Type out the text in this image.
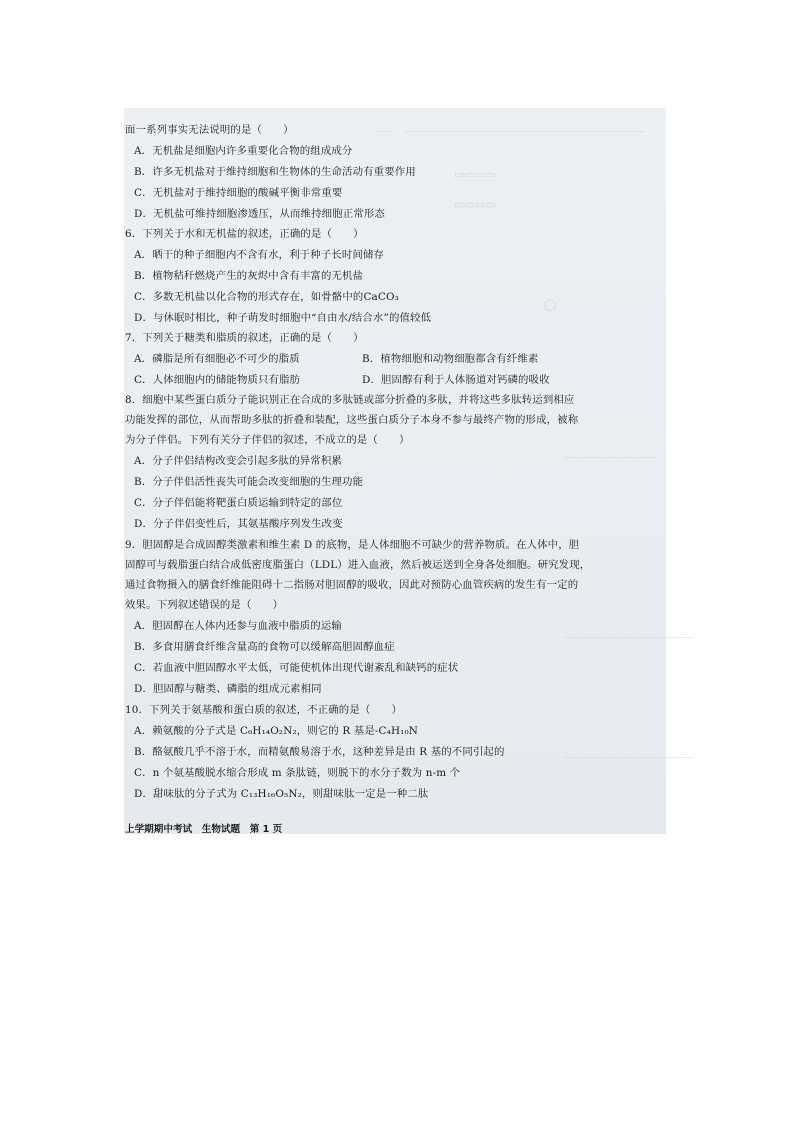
⸺　⸺⸺⸺⸺⸺⸺⸺⸺⸺⸺⸺⸺⸺
▭▭▭▭
▭▭▭▭
◯
⸺⸺⸺⸺⸺
⸺⸺⸺⸺⸺⸺⸺
⸺⸺⸺⸺⸺⸺⸺
面一系列事实无法说明的是（　　）
A．无机盐是细胞内许多重要化合物的组成成分
B．许多无机盐对于维持细胞和生物体的生命活动有重要作用
C．无机盐对于维持细胞的酸碱平衡非常重要
D．无机盐可维持细胞渗透压，从而维持细胞正常形态
6．下列关于水和无机盐的叙述，正确的是（　　）
A．晒干的种子细胞内不含有水，利于种子长时间储存
B．植物秸秆燃烧产生的灰烬中含有丰富的无机盐
C．多数无机盐以化合物的形式存在，如骨骼中的CaCO₃
D．与休眠时相比，种子萌发时细胞中“自由水/结合水”的值较低
7．下列关于糖类和脂质的叙述，正确的是（　　）
A．磷脂是所有细胞必不可少的脂质	B．植物细胞和动物细胞都含有纤维素
C．人体细胞内的储能物质只有脂肪	D．胆固醇有利于人体肠道对钙磷的吸收
8．细胞中某些蛋白质分子能识别正在合成的多肽链或部分折叠的多肽，并将这些多肽转运到相应
功能发挥的部位，从而帮助多肽的折叠和装配，这些蛋白质分子本身不参与最终产物的形成，被称
为分子伴侣。下列有关分子伴侣的叙述，不成立的是（　　）
A．分子伴侣结构改变会引起多肽的异常积累
B．分子伴侣活性丧失可能会改变细胞的生理功能
C．分子伴侣能将靶蛋白质运输到特定的部位
D．分子伴侣变性后，其氨基酸序列发生改变
9．胆固醇是合成固醇类激素和维生素 D 的底物，是人体细胞不可缺少的营养物质。在人体中，胆
固醇可与载脂蛋白结合成低密度脂蛋白（LDL）进入血液，然后被运送到全身各处细胞。研究发现，
通过食物摄入的膳食纤维能阻碍十二指肠对胆固醇的吸收，因此对预防心血管疾病的发生有一定的
效果。下列叙述错误的是（　　）
A．胆固醇在人体内还参与血液中脂质的运输
B．多食用膳食纤维含量高的食物可以缓解高胆固醇血症
C．若血液中胆固醇水平太低，可能使机体出现代谢紊乱和缺钙的症状
D．胆固醇与糖类、磷脂的组成元素相同
10．下列关于氨基酸和蛋白质的叙述，不正确的是（　　）
A．赖氨酸的分子式是 C₆H₁₄O₂N₂，则它的 R 基是-C₄H₁₀N
B．酪氨酸几乎不溶于水，而精氨酸易溶于水，这种差异是由 R 基的不同引起的
C．n 个氨基酸脱水缩合形成 m 条肽链，则脱下的水分子数为 n-m 个
D．甜味肽的分子式为 C₁₃H₁₆O₅N₂，则甜味肽一定是一种二肽
上学期期中考试　生物试题　第 1 页
